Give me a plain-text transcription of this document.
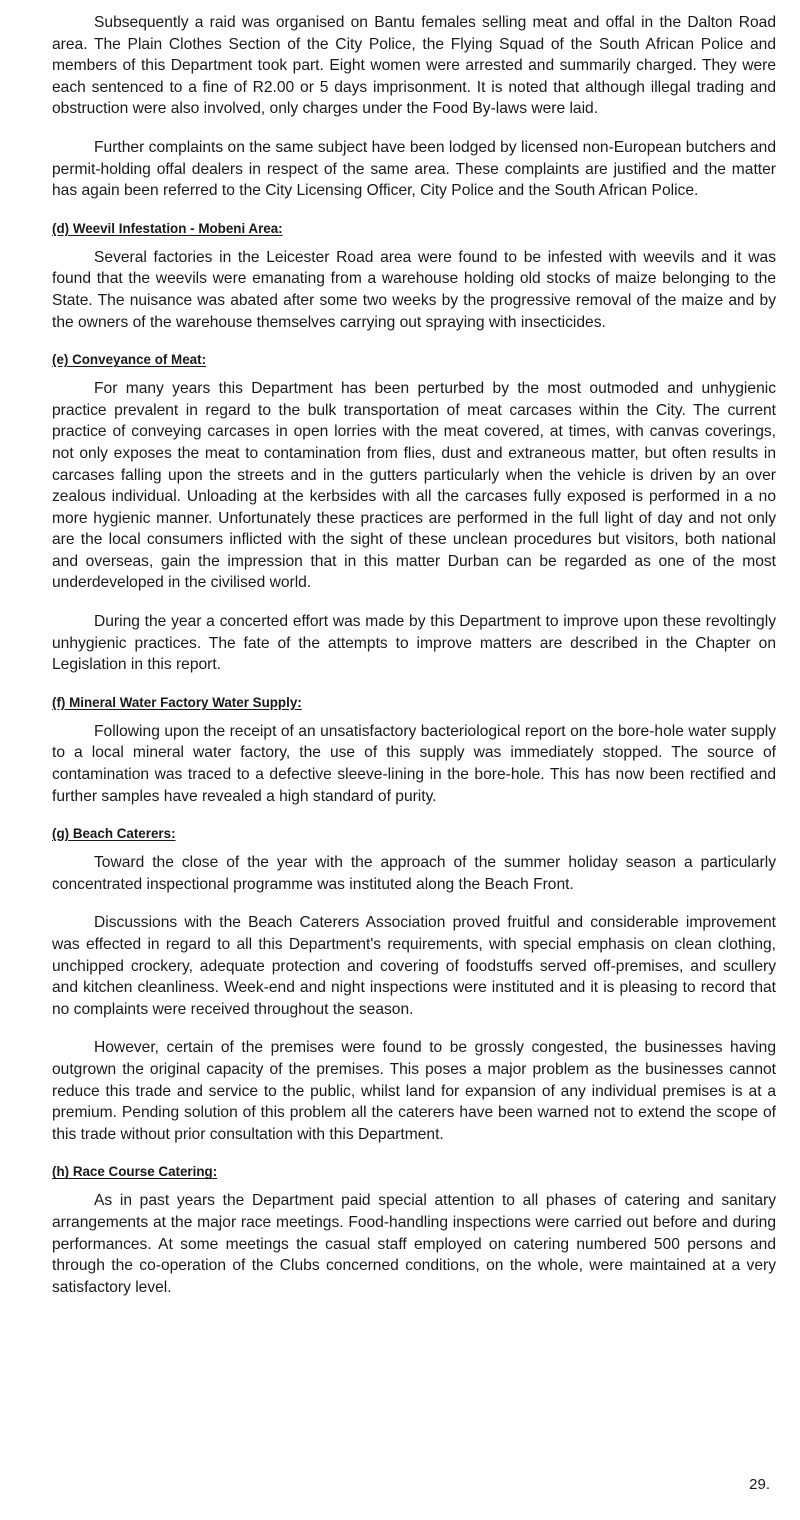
Subsequently a raid was organised on Bantu females selling meat and offal in the Dalton Road area. The Plain Clothes Section of the City Police, the Flying Squad of the South African Police and members of this Department took part. Eight women were arrested and summarily charged. They were each sentenced to a fine of R2.00 or 5 days imprisonment. It is noted that although illegal trading and obstruction were also involved, only charges under the Food By-laws were laid.

Further complaints on the same subject have been lodged by licensed non-European butchers and permit-holding offal dealers in respect of the same area. These complaints are justified and the matter has again been referred to the City Licensing Officer, City Police and the South African Police.

(d) Weevil Infestation - Mobeni Area:

Several factories in the Leicester Road area were found to be infested with weevils and it was found that the weevils were emanating from a warehouse holding old stocks of maize belonging to the State. The nuisance was abated after some two weeks by the progressive removal of the maize and by the owners of the warehouse themselves carrying out spraying with insecticides.

(e) Conveyance of Meat:

For many years this Department has been perturbed by the most outmoded and unhygienic practice prevalent in regard to the bulk transportation of meat carcases within the City. The current practice of conveying carcases in open lorries with the meat covered, at times, with canvas coverings, not only exposes the meat to contamination from flies, dust and extraneous matter, but often results in carcases falling upon the streets and in the gutters particularly when the vehicle is driven by an over zealous individual. Unloading at the kerbsides with all the carcases fully exposed is performed in a no more hygienic manner. Unfortunately these practices are performed in the full light of day and not only are the local consumers inflicted with the sight of these unclean procedures but visitors, both national and overseas, gain the impression that in this matter Durban can be regarded as one of the most underdeveloped in the civilised world.

During the year a concerted effort was made by this Department to improve upon these revoltingly unhygienic practices. The fate of the attempts to improve matters are described in the Chapter on Legislation in this report.

(f) Mineral Water Factory Water Supply:

Following upon the receipt of an unsatisfactory bacteriological report on the bore-hole water supply to a local mineral water factory, the use of this supply was immediately stopped. The source of contamination was traced to a defective sleeve-lining in the bore-hole. This has now been rectified and further samples have revealed a high standard of purity.

(g) Beach Caterers:

Toward the close of the year with the approach of the summer holiday season a particularly concentrated inspectional programme was instituted along the Beach Front.

Discussions with the Beach Caterers Association proved fruitful and considerable improvement was effected in regard to all this Department's requirements, with special emphasis on clean clothing, unchipped crockery, adequate protection and covering of foodstuffs served off-premises, and scullery and kitchen cleanliness. Week-end and night inspections were instituted and it is pleasing to record that no complaints were received throughout the season.

However, certain of the premises were found to be grossly congested, the businesses having outgrown the original capacity of the premises. This poses a major problem as the businesses cannot reduce this trade and service to the public, whilst land for expansion of any individual premises is at a premium. Pending solution of this problem all the caterers have been warned not to extend the scope of this trade without prior consultation with this Department.

(h) Race Course Catering:

As in past years the Department paid special attention to all phases of catering and sanitary arrangements at the major race meetings. Food-handling inspections were carried out before and during performances. At some meetings the casual staff employed on catering numbered 500 persons and through the co-operation of the Clubs concerned conditions, on the whole, were maintained at a very satisfactory level.

29.
